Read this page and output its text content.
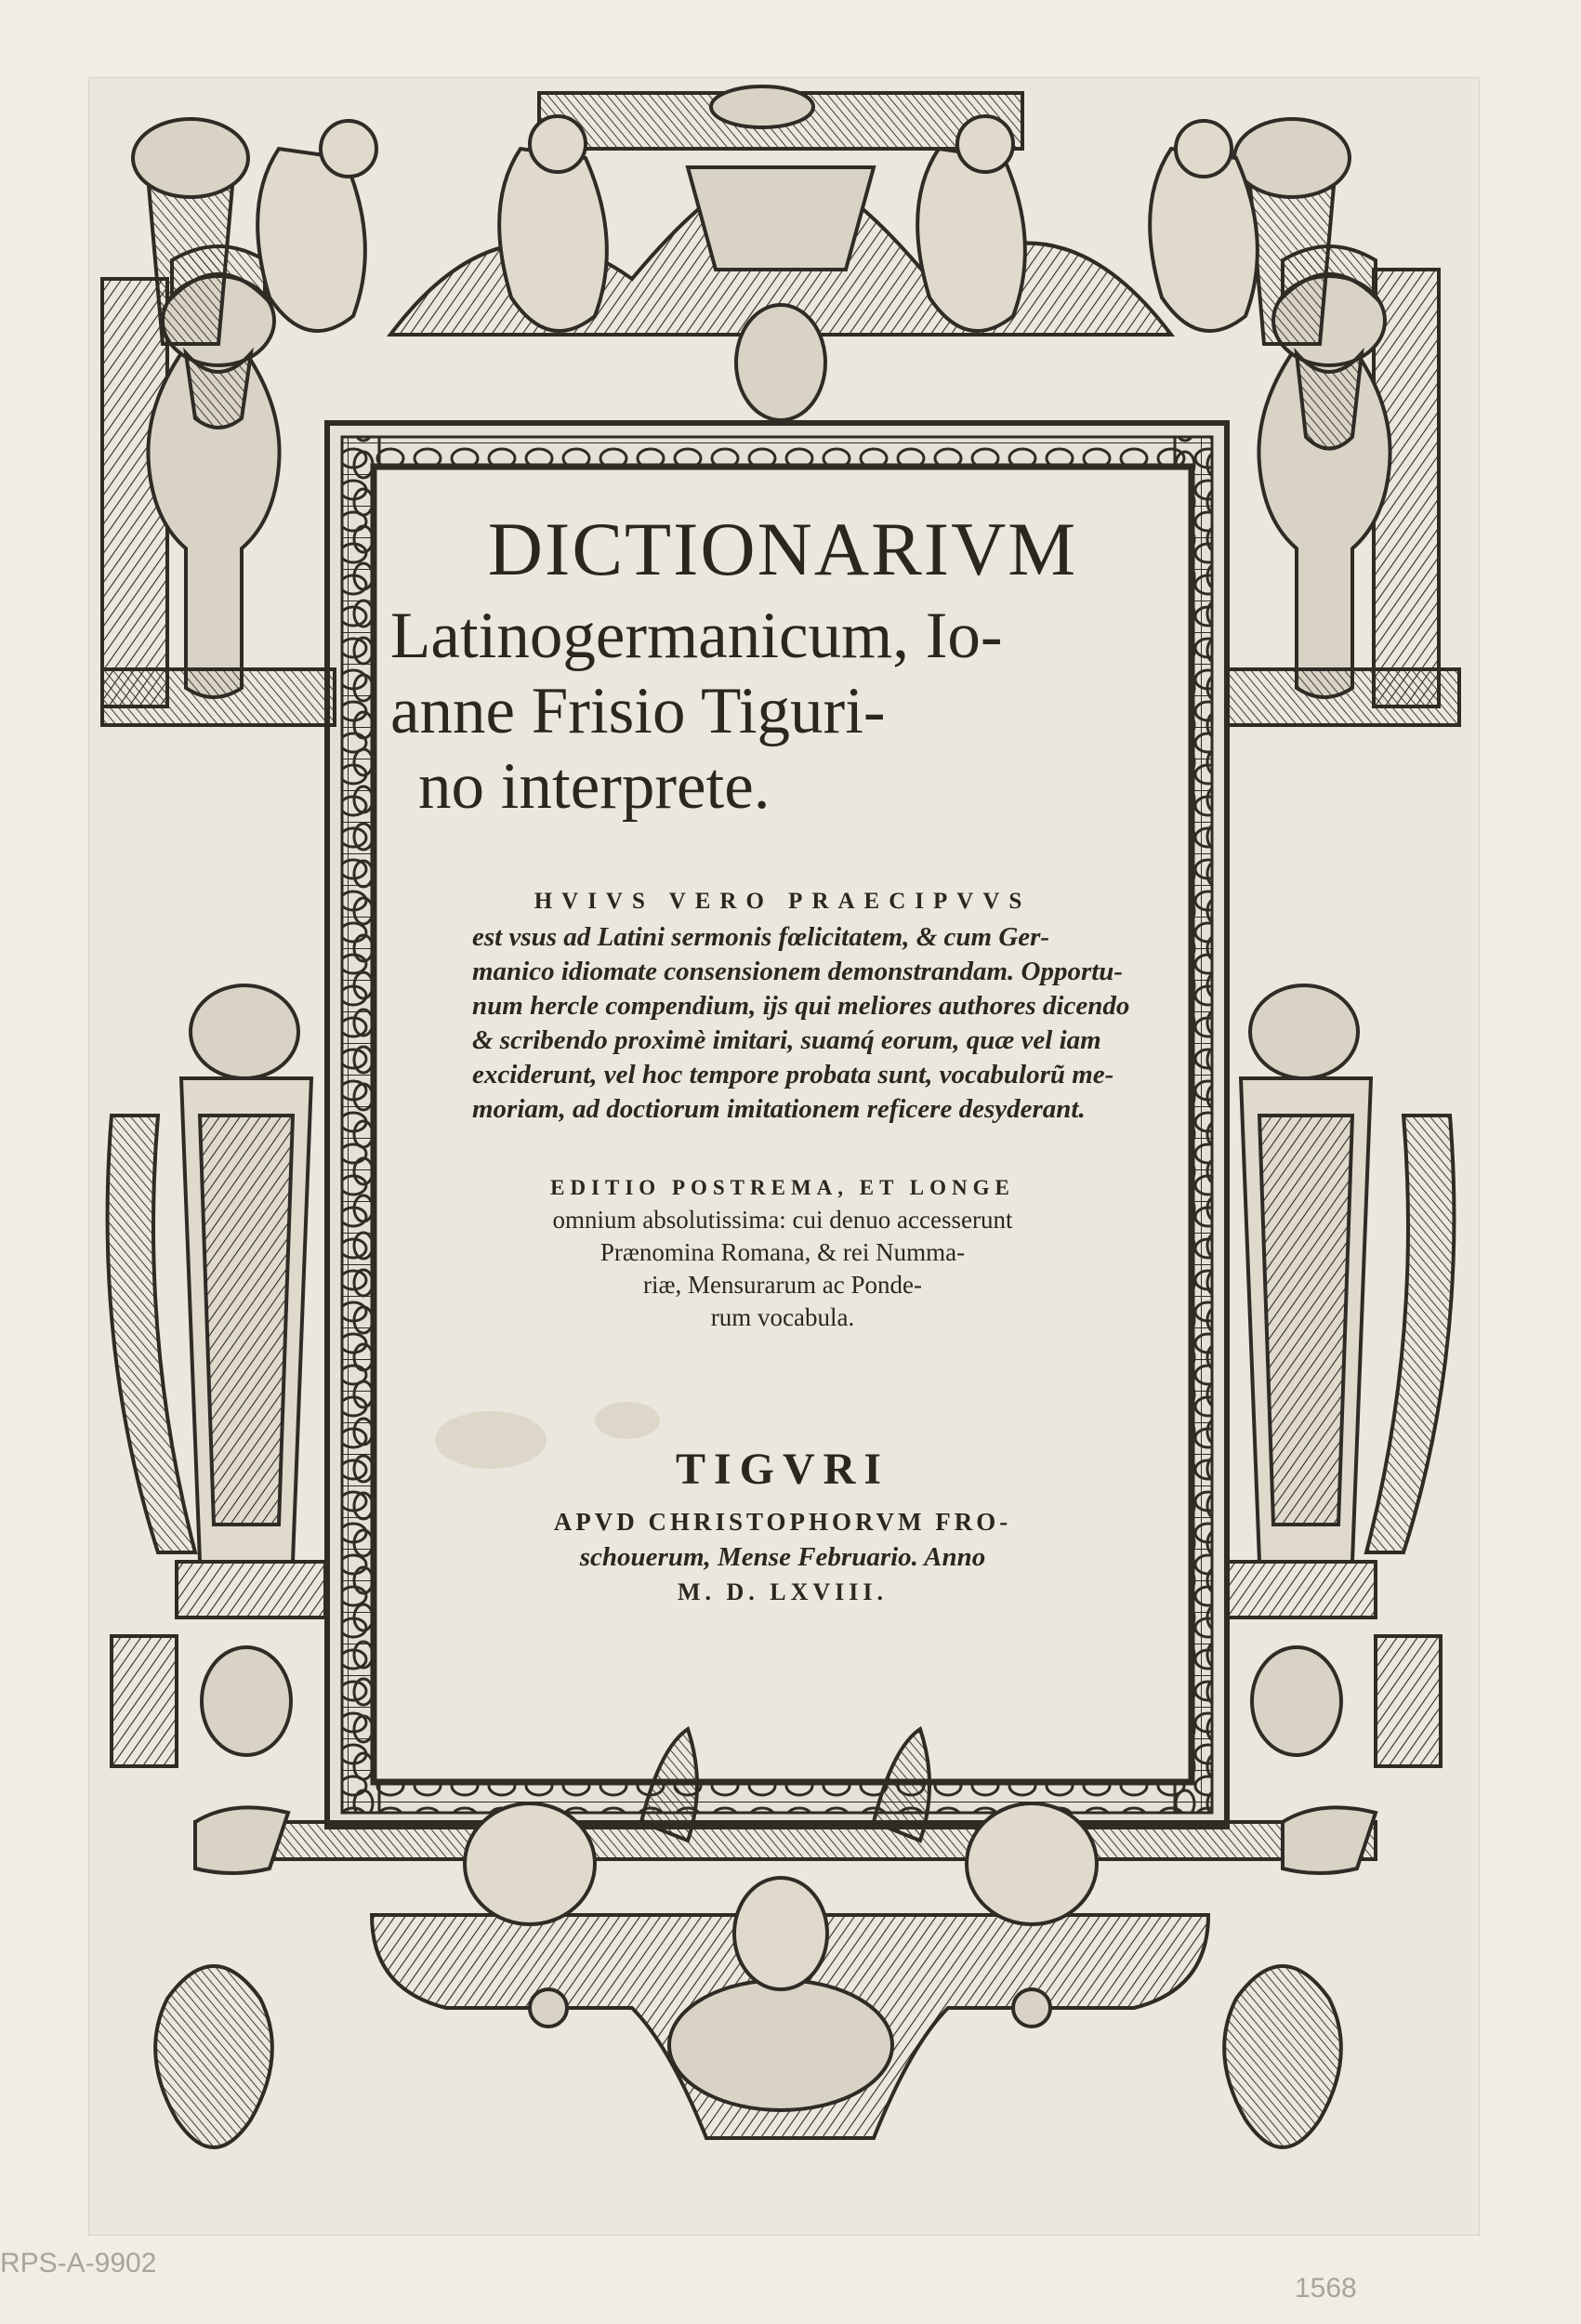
DICTIONARIVM
Latinogermanicum, Io-
anne Frisio Tiguri-
no interprete.
HVIVS VERO PRAECIPVVS
est vsus ad Latini sermonis fœlicitatem, & cum Ger-
manico idiomate consensionem demonstrandam. Opportu-
num hercle compendium, ijs qui meliores authores dicendo
& scribendo proximè imitari, suamq́ eorum, quæ vel iam
exciderunt, vel hoc tempore probata sunt, vocabulorũ me-
moriam, ad doctiorum imitationem reficere desyderant.
EDITIO POSTREMA, ET LONGE
omnium absolutissima: cui denuo accesserunt
Prænomina Romana, & rei Numma-
riæ, Mensurarum ac Ponde-
rum vocabula.
TIGVRI
APVD CHRISTOPHORVM FRO-
schouerum, Mense Februario. Anno
M. D. LXVIII.
RPS-A-9902
1568
